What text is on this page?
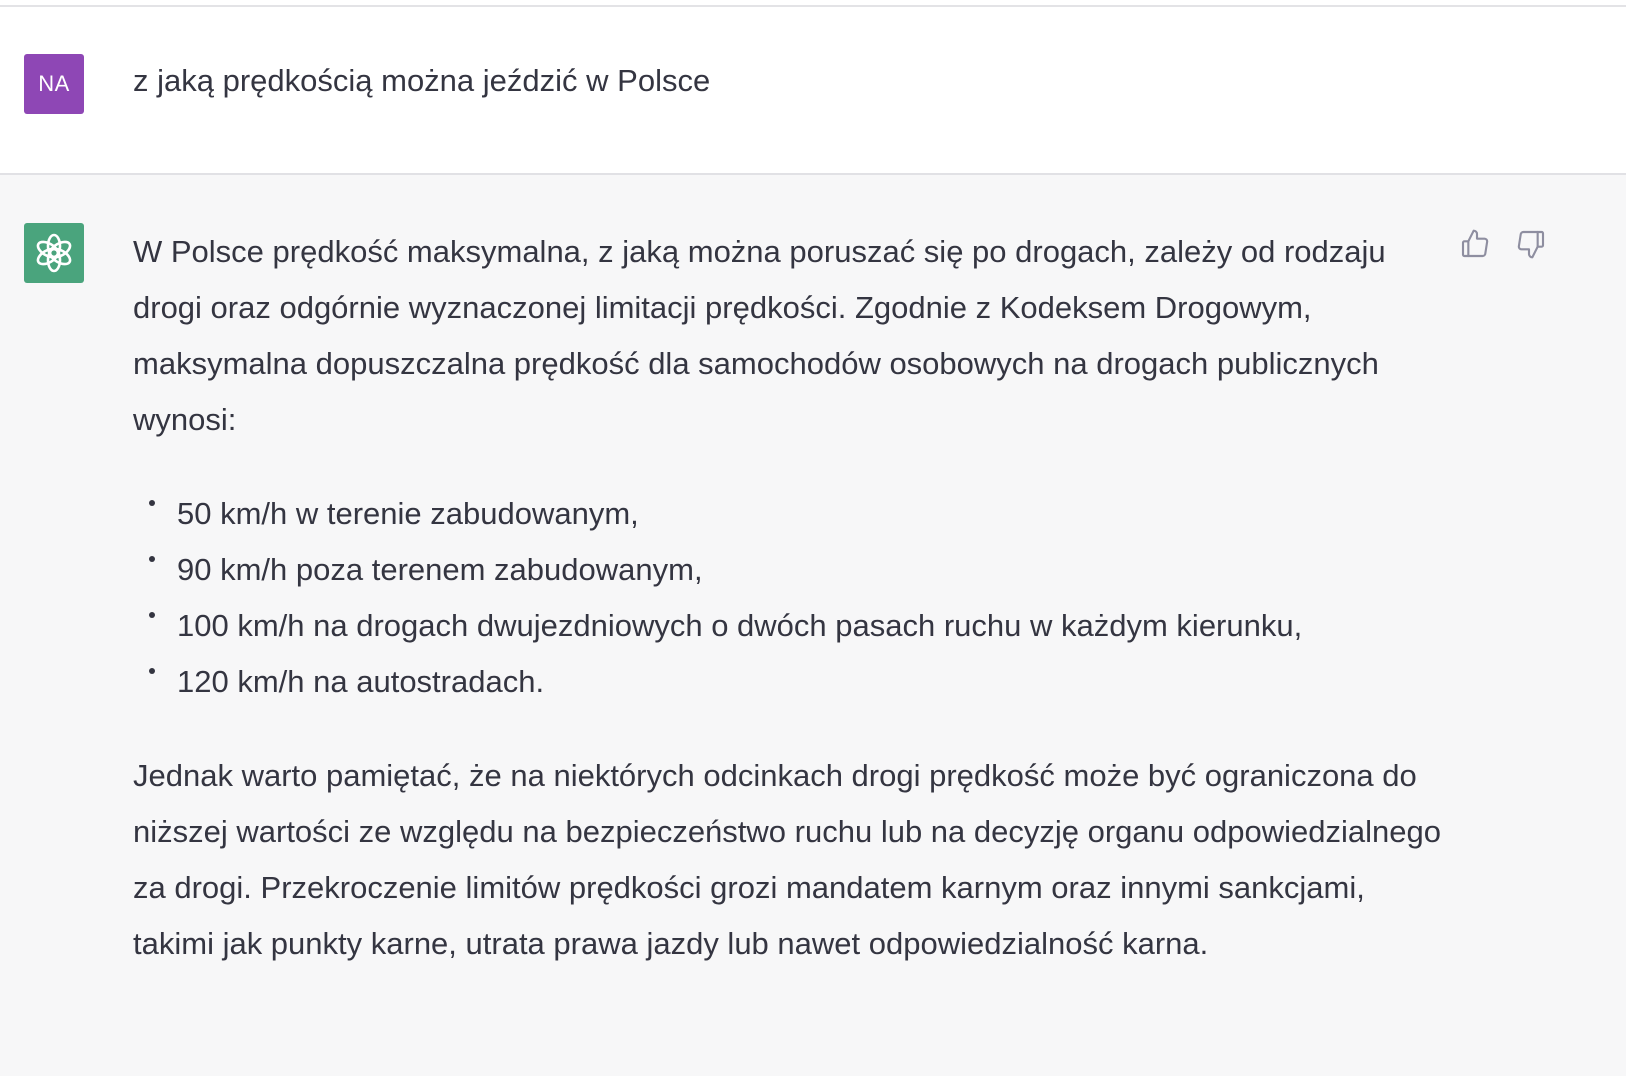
NA z jaką prędkością można jeździć w Polsce

W Polsce prędkość maksymalna, z jaką można poruszać się po drogach, zależy od rodzaju drogi oraz odgórnie wyznaczonej limitacji prędkości. Zgodnie z Kodeksem Drogowym, maksymalna dopuszczalna prędkość dla samochodów osobowych na drogach publicznych wynosi:

50 km/h w terenie zabudowanym,
90 km/h poza terenem zabudowanym,
100 km/h na drogach dwujezdniowych o dwóch pasach ruchu w każdym kierunku,
120 km/h na autostradach.

Jednak warto pamiętać, że na niektórych odcinkach drogi prędkość może być ograniczona do niższej wartości ze względu na bezpieczeństwo ruchu lub na decyzję organu odpowiedzialnego za drogi. Przekroczenie limitów prędkości grozi mandatem karnym oraz innymi sankcjami, takimi jak punkty karne, utrata prawa jazdy lub nawet odpowiedzialność karna.
